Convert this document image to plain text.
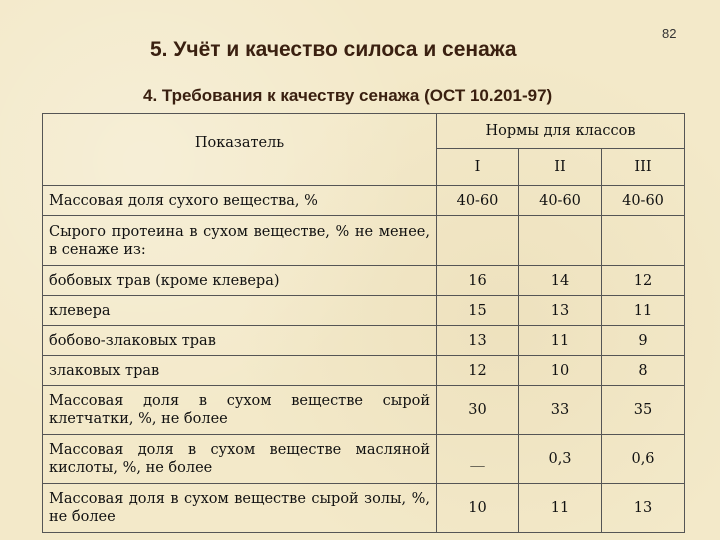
82
5. Учёт и качество силоса и сенажа
4. Требования к качеству сенажа (ОСТ 10.201-97)
Показатель	Нормы для классов		
	I	II	III
Массовая доля сухого вещества, %	40-60	40-60	40-60
Сырого протеина в сухом веществе, % не менее, в сенаже из:			
бобовых трав (кроме клевера)	16	14	12
клевера	15	13	11
бобово-злаковых трав	13	11	9
злаковых трав	12	10	8
Массовая доля в сухом веществе сырой клетчатки, %, не более	30	33	35
Массовая доля в сухом веществе масляной кислоты, %, не более	__	0,3	0,6
Массовая доля в сухом веществе сырой золы, %, не более	10	11	13
